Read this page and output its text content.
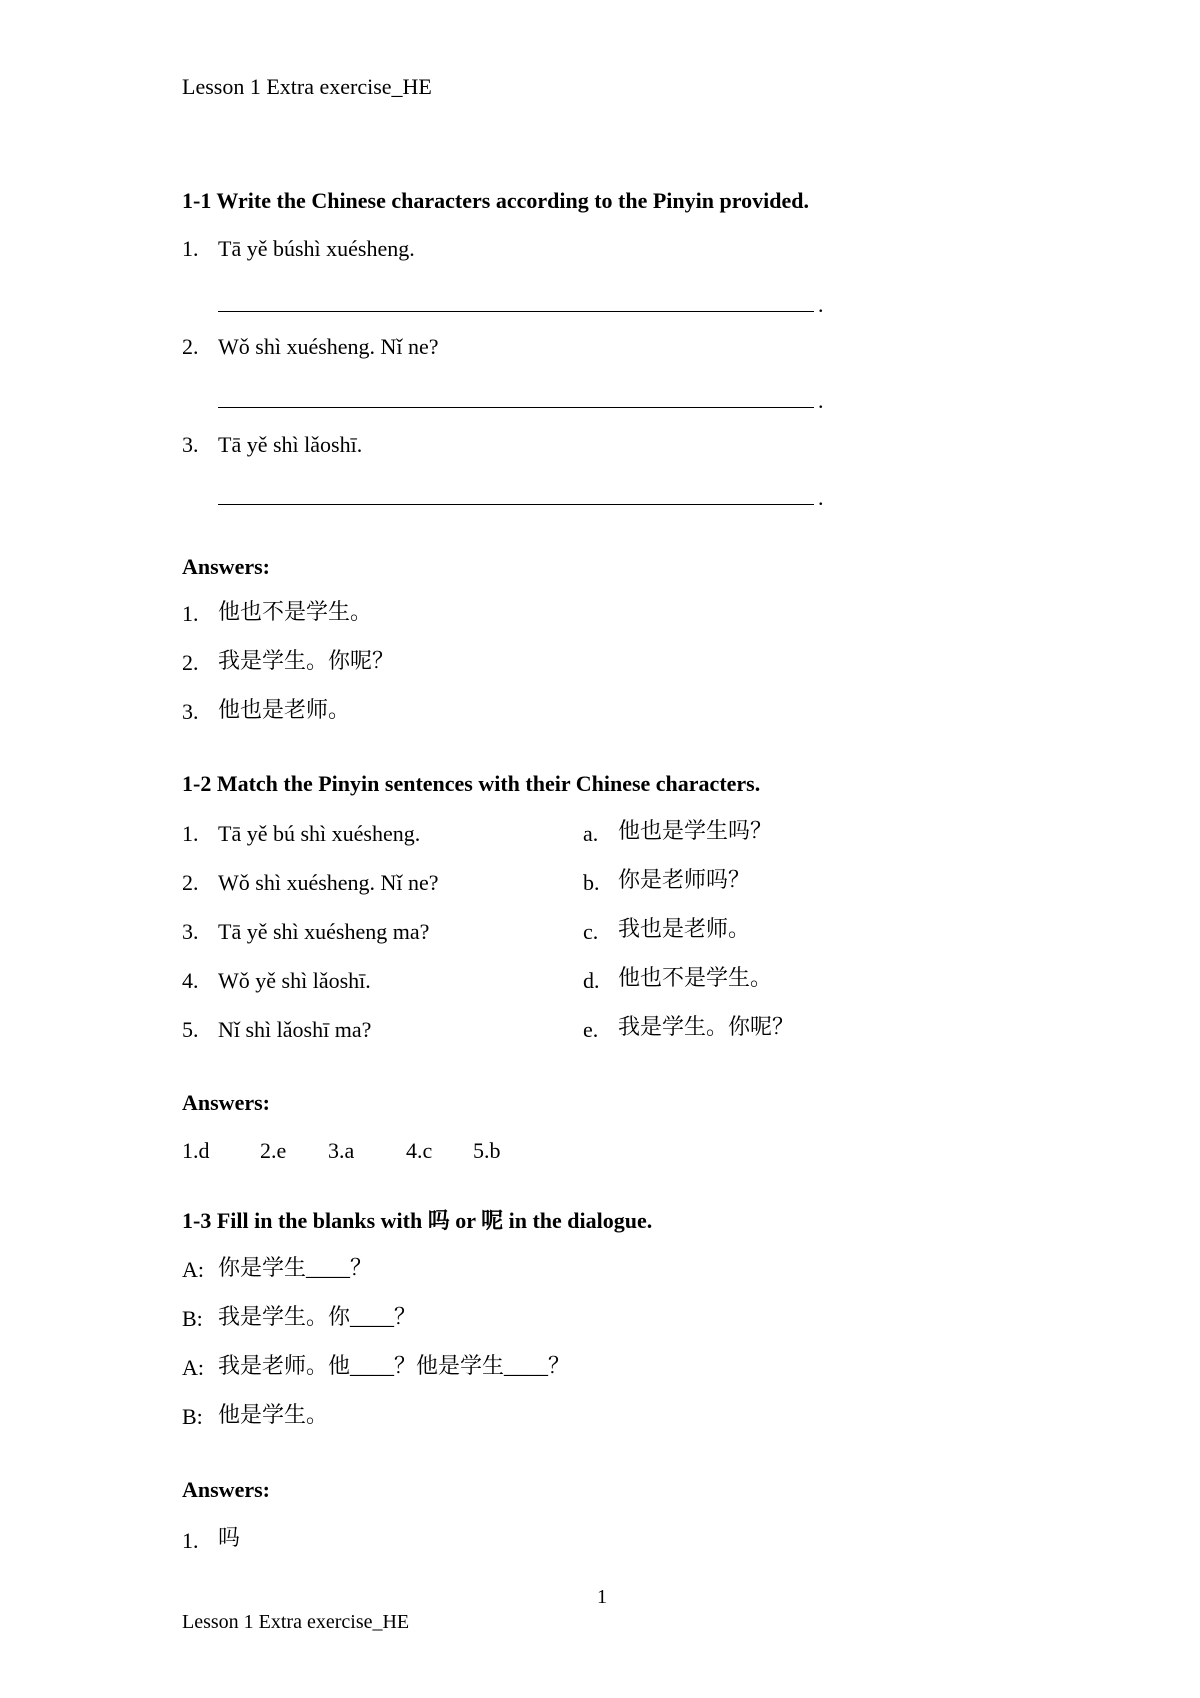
Lesson 1 Extra exercise_HE
1-1 Write the Chinese characters according to the Pinyin provided.
1. Tā yě búshì xuésheng.
.
2. Wǒ shì xuésheng. Nǐ ne?
.
3. Tā yě shì lǎoshī.
.
Answers:
1. 他也不是学生。
2. 我是学生。你呢？
3. 他也是老师。
1-2 Match the Pinyin sentences with their Chinese characters.
1. Tā yě bú shì xuésheng.	a. 他也是学生吗？
2. Wǒ shì xuésheng. Nǐ ne?	b. 你是老师吗？
3. Tā yě shì xuésheng ma?	c. 我也是老师。
4. Wǒ yě shì lǎoshī.	d. 他也不是学生。
5. Nǐ shì lǎoshī ma?	e. 我是学生。你呢？
Answers:
1.d 2.e 3.a 4.c 5.b
1-3 Fill in the blanks with 吗 or 呢 in the dialogue.
A: 你是学生____？
B: 我是学生。你____？
A: 我是老师。他____？他是学生____？
B: 他是学生。
Answers:
1. 吗
1
Lesson 1 Extra exercise_HE
